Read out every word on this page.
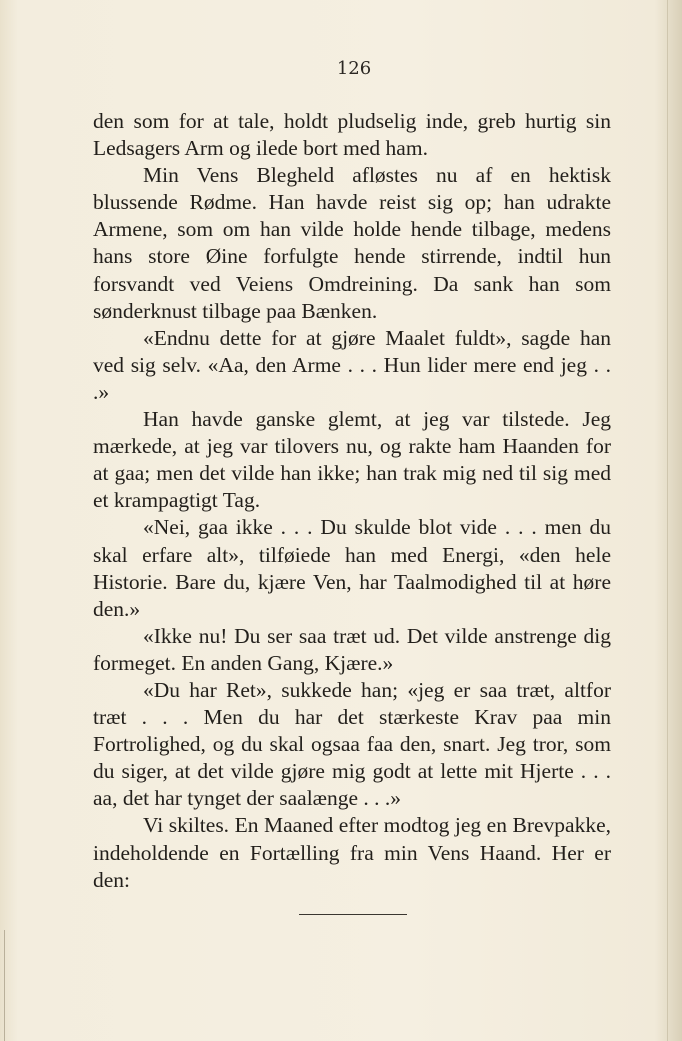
126

den som for at tale, holdt pludselig inde, greb hurtig sin Ledsagers Arm og ilede bort med ham.

Min Vens Blegheld afløstes nu af en hektisk blussende Rødme. Han havde reist sig op; han udrakte Armene, som om han vilde holde hende tilbage, medens hans store Øine forfulgte hende stirrende, indtil hun forsvandt ved Veiens Omdreining. Da sank han som sønderknust tilbage paa Bænken.

«Endnu dette for at gjøre Maalet fuldt», sagde han ved sig selv. «Aa, den Arme . . . Hun lider mere end jeg . . .»

Han havde ganske glemt, at jeg var tilstede. Jeg mærkede, at jeg var tilovers nu, og rakte ham Haanden for at gaa; men det vilde han ikke; han trak mig ned til sig med et krampagtigt Tag.

«Nei, gaa ikke . . . Du skulde blot vide . . . men du skal erfare alt», tilføiede han med Energi, «den hele Historie. Bare du, kjære Ven, har Taalmodighed til at høre den.»

«Ikke nu! Du ser saa træt ud. Det vilde anstrenge dig formeget. En anden Gang, Kjære.»

«Du har Ret», sukkede han; «jeg er saa træt, altfor træt . . . Men du har det stærkeste Krav paa min Fortrolighed, og du skal ogsaa faa den, snart. Jeg tror, som du siger, at det vilde gjøre mig godt at lette mit Hjerte . . . aa, det har tynget der saalænge . . .»

Vi skiltes. En Maaned efter modtog jeg en Brevpakke, indeholdende en Fortælling fra min Vens Haand. Her er den:
